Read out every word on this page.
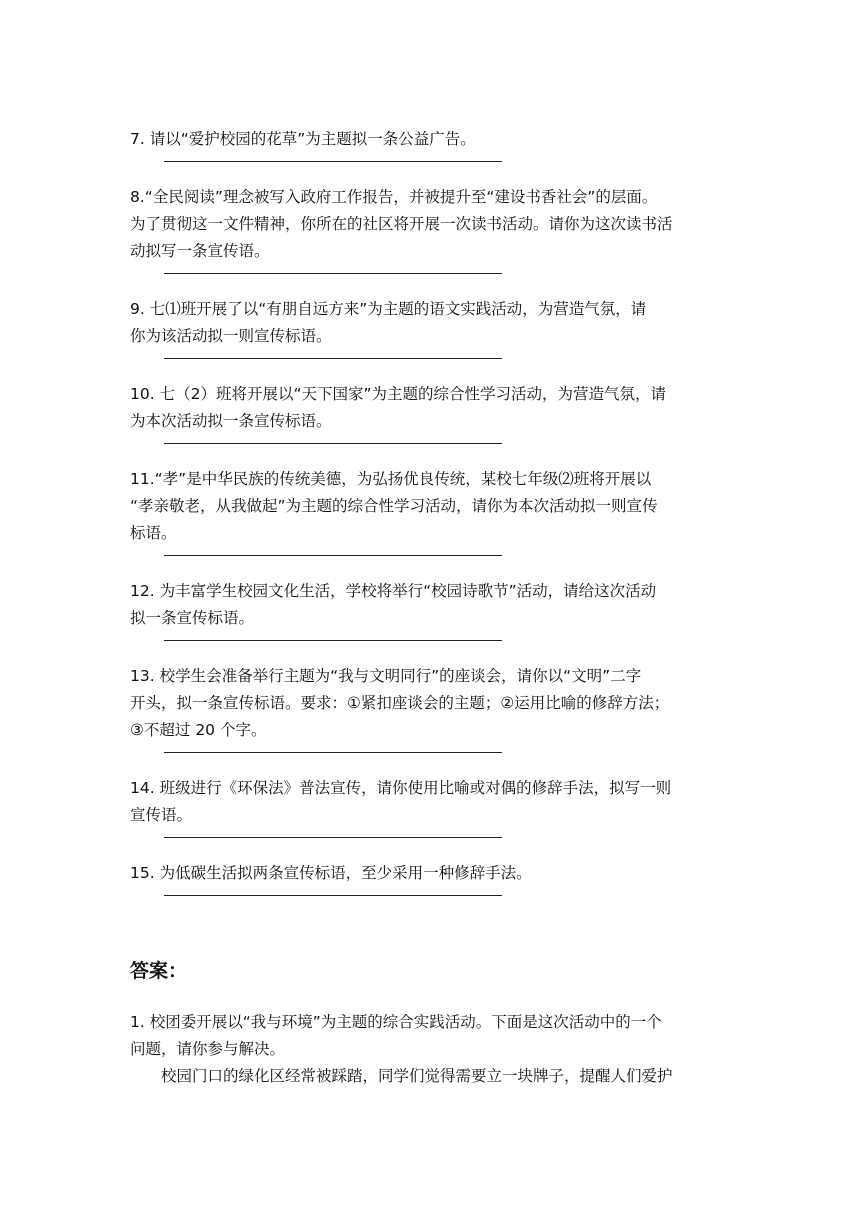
7. 请以“爱护校园的花草”为主题拟一条公益广告。

8.“全民阅读”理念被写入政府工作报告，并被提升至“建设书香社会”的层面。

为了贯彻这一文件精神，你所在的社区将开展一次读书活动。请你为这次读书活

动拟写一条宣传语。

9. 七⑴班开展了以“有朋自远方来”为主题的语文实践活动，为营造气氛，请

你为该活动拟一则宣传标语。

10. 七（2）班将开展以“天下国家”为主题的综合性学习活动，为营造气氛，请

为本次活动拟一条宣传标语。

11.“孝”是中华民族的传统美德，为弘扬优良传统，某校七年级⑵班将开展以

“孝亲敬老，从我做起”为主题的综合性学习活动，请你为本次活动拟一则宣传

标语。

12. 为丰富学生校园文化生活，学校将举行“校园诗歌节”活动，请给这次活动

拟一条宣传标语。

13. 校学生会准备举行主题为“我与文明同行”的座谈会，请你以“文明”二字

开头，拟一条宣传标语。要求：①紧扣座谈会的主题；②运用比喻的修辞方法；

③不超过 20 个字。

14. 班级进行《环保法》普法宣传，请你使用比喻或对偶的修辞手法，拟写一则

宣传语。

15. 为低碳生活拟两条宣传标语，至少采用一种修辞手法。

答案：

1. 校团委开展以“我与环境”为主题的综合实践活动。下面是这次活动中的一个

问题，请你参与解决。

校园门口的绿化区经常被踩踏，同学们觉得需要立一块牌子，提醒人们爱护
